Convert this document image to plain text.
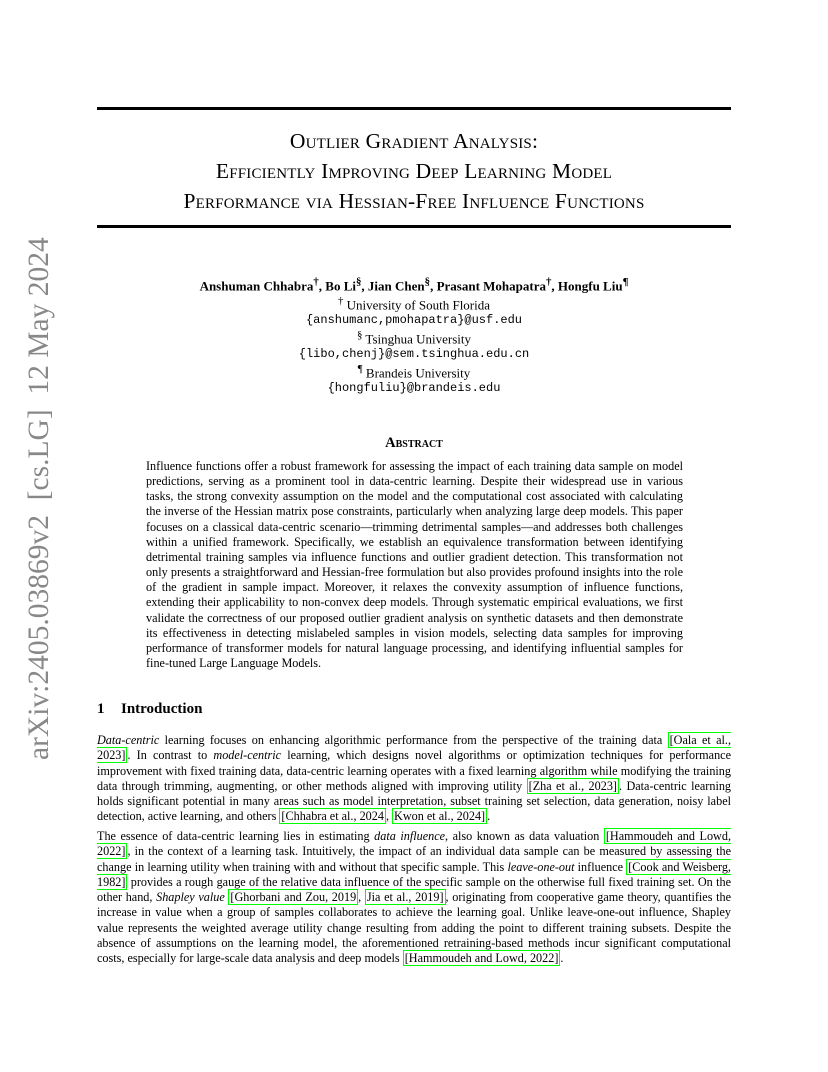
arXiv:2405.03869v2  [cs.LG]  12 May 2024
Outlier Gradient Analysis:
Efficiently Improving Deep Learning Model
Performance via Hessian-Free Influence Functions
Anshuman Chhabra†, Bo Li§, Jian Chen§, Prasant Mohapatra†, Hongfu Liu¶
† University of South Florida
{anshumanc,pmohapatra}@usf.edu
§ Tsinghua University
{libo,chenj}@sem.tsinghua.edu.cn
¶ Brandeis University
{hongfuliu}@brandeis.edu
Abstract
Influence functions offer a robust framework for assessing the impact of each training data sample on model predictions, serving as a prominent tool in data-centric learning. Despite their widespread use in various tasks, the strong convexity assumption on the model and the computational cost associated with calculating the inverse of the Hessian matrix pose constraints, particularly when analyzing large deep models. This paper focuses on a classical data-centric scenario—trimming detrimental samples—and addresses both challenges within a unified framework. Specifically, we establish an equivalence transformation between identifying detrimental training samples via influence functions and outlier gradient detection. This transformation not only presents a straightforward and Hessian-free formulation but also provides profound insights into the role of the gradient in sample impact. Moreover, it relaxes the convexity assumption of influence functions, extending their applicability to non-convex deep models. Through systematic empirical evaluations, we first validate the correctness of our proposed outlier gradient analysis on synthetic datasets and then demonstrate its effectiveness in detecting mislabeled samples in vision models, selecting data samples for improving performance of transformer models for natural language processing, and identifying influential samples for fine-tuned Large Language Models.
1 Introduction
Data-centric learning focuses on enhancing algorithmic performance from the perspective of the training data [Oala et al., 2023] . In contrast to model-centric learning, which designs novel algorithms or optimization techniques for performance improvement with fixed training data, data-centric learning operates with a fixed learning algorithm while modifying the training data through trimming, augmenting, or other methods aligned with improving utility [Zha et al., 2023] . Data-centric learning holds significant potential in many areas such as model interpretation, subset training set selection, data generation, noisy label detection, active learning, and others [Chhabra et al., 2024 , Kwon et al., 2024] .
The essence of data-centric learning lies in estimating data influence, also known as data valuation [Hammoudeh and Lowd, 2022] , in the context of a learning task. Intuitively, the impact of an individual data sample can be measured by assessing the change in learning utility when training with and without that specific sample. This leave-one-out influence [Cook and Weisberg, 1982] provides a rough gauge of the relative data influence of the specific sample on the otherwise full fixed training set. On the other hand, Shapley value [Ghorbani and Zou, 2019 , Jia et al., 2019] , originating from cooperative game theory, quantifies the increase in value when a group of samples collaborates to achieve the learning goal. Unlike leave-one-out influence, Shapley value represents the weighted average utility change resulting from adding the point to different training subsets. Despite the absence of assumptions on the learning model, the aforementioned retraining-based methods incur significant computational costs, especially for large-scale data analysis and deep models [Hammoudeh and Lowd, 2022] .
